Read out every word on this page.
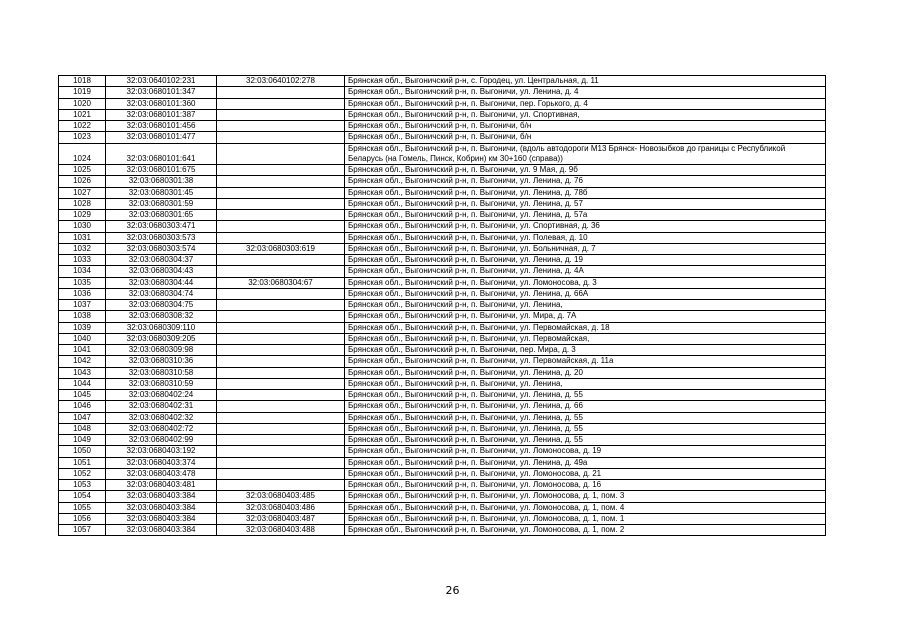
1018	32:03:0640102:231	32:03:0640102:278	Брянская обл., Выгоничский р-н, с. Городец, ул. Центральная, д. 11
1019	32:03:0680101:347		Брянская обл., Выгоничский р-н, п. Выгоничи, ул. Ленина, д. 4
1020	32:03:0680101:360		Брянская обл., Выгоничский р-н, п. Выгоничи, пер. Горького, д. 4
1021	32:03:0680101:387		Брянская обл., Выгоничский р-н, п. Выгоничи, ул. Спортивная,
1022	32:03:0680101:456		Брянская обл., Выгоничский р-н, п. Выгоничи, б/н
1023	32:03:0680101:477		Брянская обл., Выгоничский р-н, п. Выгоничи, б/н
1024	32:03:0680101:641		Брянская обл., Выгоничский р-н, п. Выгоничи, (вдоль автодороги М13 Брянск- Новозыбков до границы с Республикой Беларусь (на Гомель, Пинск, Кобрин) км 30+160 (справа))
1025	32:03:0680101:675		Брянская обл., Выгоничский р-н, п. Выгоничи, ул. 9 Мая, д. 9б
1026	32:03:0680301:38		Брянская обл., Выгоничский р-н, п. Выгоничи, ул. Ленина, д. 76
1027	32:03:0680301:45		Брянская обл., Выгоничский р-н, п. Выгоничи, ул. Ленина, д. 78б
1028	32:03:0680301:59		Брянская обл., Выгоничский р-н, п. Выгоничи, ул. Ленина, д. 57
1029	32:03:0680301:65		Брянская обл., Выгоничский р-н, п. Выгоничи, ул. Ленина, д. 57а
1030	32:03:0680303:471		Брянская обл., Выгоничский р-н, п. Выгоничи, ул. Спортивная, д. 36
1031	32:03:0680303:573		Брянская обл., Выгоничский р-н, п. Выгоничи, ул. Полевая, д. 10
1032	32:03:0680303:574	32:03:0680303:619	Брянская обл., Выгоничский р-н, п. Выгоничи, ул. Больничная, д. 7
1033	32:03:0680304:37		Брянская обл., Выгоничский р-н, п. Выгоничи, ул. Ленина, д. 19
1034	32:03:0680304:43		Брянская обл., Выгоничский р-н, п. Выгоничи, ул. Ленина, д. 4А
1035	32:03:0680304:44	32:03:0680304:67	Брянская обл., Выгоничский р-н, п. Выгоничи, ул. Ломоносова, д. 3
1036	32:03:0680304:74		Брянская обл., Выгоничский р-н, п. Выгоничи, ул. Ленина, д. 66А
1037	32:03:0680304:75		Брянская обл., Выгоничский р-н, п. Выгоничи, ул. Ленина,
1038	32:03:0680308:32		Брянская обл., Выгоничский р-н, п. Выгоничи, ул. Мира, д. 7А
1039	32:03:0680309:110		Брянская обл., Выгоничский р-н, п. Выгоничи, ул. Первомайская, д. 18
1040	32:03:0680309:205		Брянская обл., Выгоничский р-н, п. Выгоничи, ул. Первомайская,
1041	32:03:0680309:98		Брянская обл., Выгоничский р-н, п. Выгоничи, пер. Мира, д. 3
1042	32:03:0680310:36		Брянская обл., Выгоничский р-н, п. Выгоничи, ул. Первомайская, д. 11а
1043	32:03:0680310:58		Брянская обл., Выгоничский р-н, п. Выгоничи, ул. Ленина, д. 20
1044	32:03:0680310:59		Брянская обл., Выгоничский р-н, п. Выгоничи, ул. Ленина,
1045	32:03:0680402:24		Брянская обл., Выгоничский р-н, п. Выгоничи, ул. Ленина, д. 55
1046	32:03:0680402:31		Брянская обл., Выгоничский р-н, п. Выгоничи, ул. Ленина, д. 66
1047	32:03:0680402:32		Брянская обл., Выгоничский р-н, п. Выгоничи, ул. Ленина, д. 55
1048	32:03:0680402:72		Брянская обл., Выгоничский р-н, п. Выгоничи, ул. Ленина, д. 55
1049	32:03:0680402:99		Брянская обл., Выгоничский р-н, п. Выгоничи, ул. Ленина, д. 55
1050	32:03:0680403:192		Брянская обл., Выгоничский р-н, п. Выгоничи, ул. Ломоносова, д. 19
1051	32:03:0680403:374		Брянская обл., Выгоничский р-н, п. Выгоничи, ул. Ленина, д. 49а
1052	32:03:0680403:478		Брянская обл., Выгоничский р-н, п. Выгоничи, ул. Ломоносова, д. 21
1053	32:03:0680403:481		Брянская обл., Выгоничский р-н, п. Выгоничи, ул. Ломоносова, д. 16
1054	32:03:0680403:384	32:03:0680403:485	Брянская обл., Выгоничский р-н, п. Выгоничи, ул. Ломоносова, д. 1, пом. 3
1055	32:03:0680403:384	32:03:0680403:486	Брянская обл., Выгоничский р-н, п. Выгоничи, ул. Ломоносова, д. 1, пом. 4
1056	32:03:0680403:384	32:03:0680403:487	Брянская обл., Выгоничский р-н, п. Выгоничи, ул. Ломоносова, д. 1, пом. 1
1057	32:03:0680403:384	32:03:0680403:488	Брянская обл., Выгоничский р-н, п. Выгоничи, ул. Ломоносова, д. 1, пом. 2
26
